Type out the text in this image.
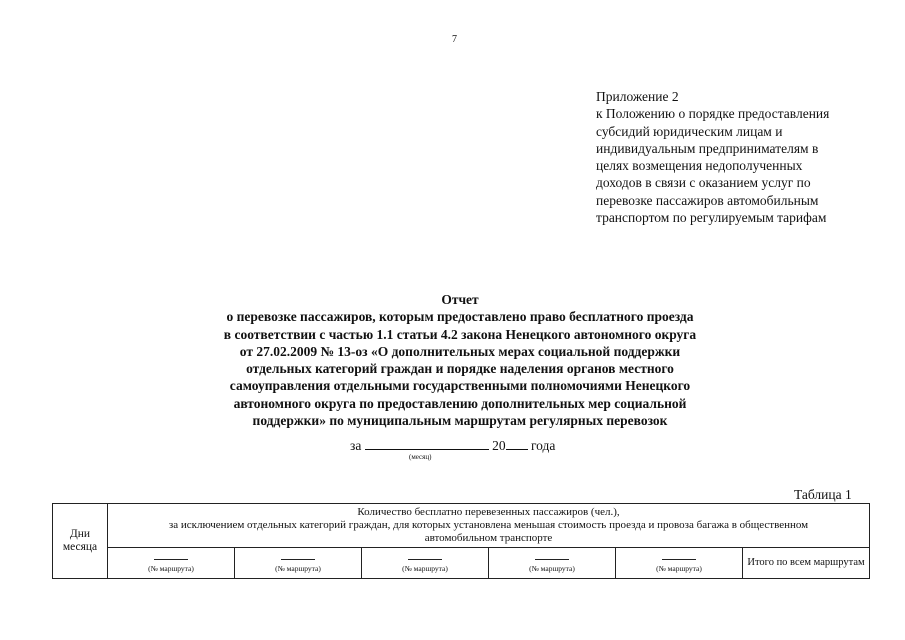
7
Приложение 2
к Положению о порядке предоставления
субсидий юридическим лицам и
индивидуальным предпринимателям в
целях возмещения недополученных
доходов в связи с оказанием услуг по
перевозке пассажиров автомобильным
транспортом по регулируемым тарифам
Отчет
о перевозке пассажиров, которым предоставлено право бесплатного проезда
в соответствии с частью 1.1 статьи 4.2 закона Ненецкого автономного округа
от 27.02.2009 № 13-оз «О дополнительных мерах социальной поддержки
отдельных категорий граждан и порядке наделения органов местного
самоуправления отдельными государственными полномочиями Ненецкого
автономного округа по предоставлению дополнительных мер социальной
поддержки» по муниципальным маршрутам регулярных перевозок
за	20 года
(месяц)
Таблица 1
Дни месяца	Количество бесплатно перевезенных пассажиров (чел.),
за исключением отдельных категорий граждан, для которых установлена меньшая стоимость проезда и провоза багажа в общественном
автомобильном транспорте					

(№ маршрута)	(№ маршрута)	(№ маршрута)	(№ маршрута)	(№ маршрута)	Итого по всем маршрутам
